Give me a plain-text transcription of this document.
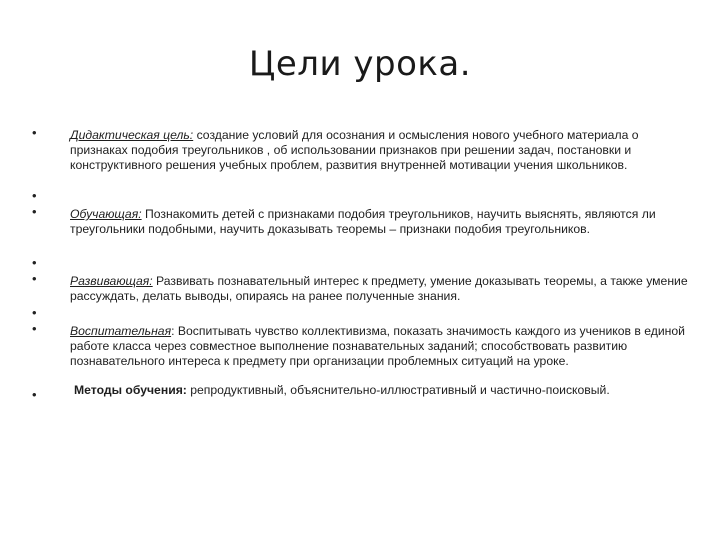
Цели урока.
•
•
•
•
•
•
•
•
Дидактическая цель: создание условий для осознания и осмысления нового учебного материала о признаках подобия треугольников , об использовании признаков при решении задач, постановки и конструктивного решения учебных проблем, развития внутренней мотивации учения школьников.
Обучающая: Познакомить детей с признаками подобия треугольников, научить выяснять, являются ли треугольники подобными, научить доказывать теоремы – признаки подобия треугольников.
Развивающая: Развивать познавательный интерес к предмету, умение доказывать теоремы, а также умение рассуждать, делать выводы, опираясь на ранее полученные знания.
Воспитательная: Воспитывать чувство коллективизма, показать значимость каждого из учеников в единой работе класса через совместное выполнение познавательных заданий; способствовать развитию познавательного интереса к предмету при организации проблемных ситуаций на уроке.
Методы обучения: репродуктивный, объяснительно-иллюстративный и частично-поисковый.
